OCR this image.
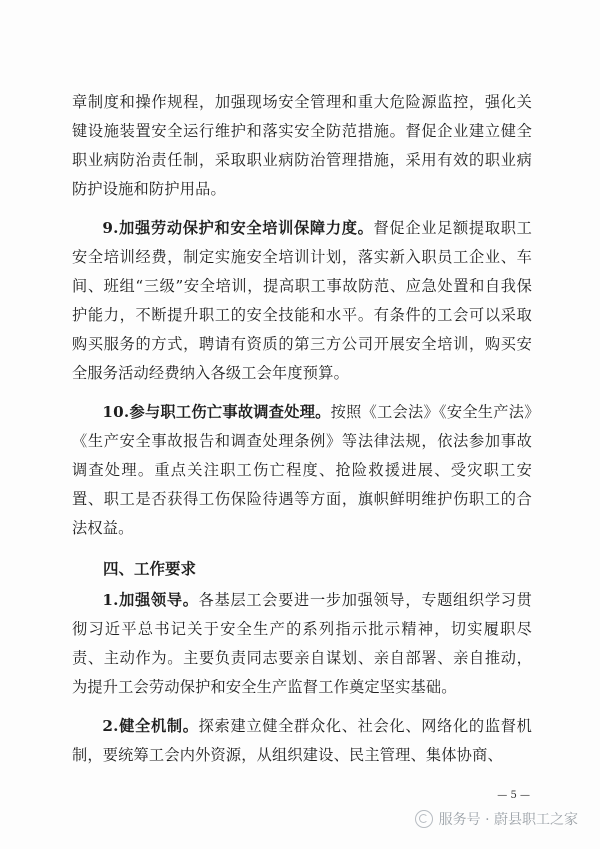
章制度和操作规程，加强现场安全管理和重大危险源监控，强化关键设施装置安全运行维护和落实安全防范措施。督促企业建立健全职业病防治责任制，采取职业病防治管理措施，采用有效的职业病防护设施和防护用品。

9.加强劳动保护和安全培训保障力度。督促企业足额提取职工安全培训经费，制定实施安全培训计划，落实新入职员工企业、车间、班组“三级”安全培训，提高职工事故防范、应急处置和自我保护能力，不断提升职工的安全技能和水平。有条件的工会可以采取购买服务的方式，聘请有资质的第三方公司开展安全培训，购买安全服务活动经费纳入各级工会年度预算。

10.参与职工伤亡事故调查处理。按照《工会法》《安全生产法》《生产安全事故报告和调查处理条例》等法律法规，依法参加事故调查处理。重点关注职工伤亡程度、抢险救援进展、受灾职工安置、职工是否获得工伤保险待遇等方面，旗帜鲜明维护伤职工的合法权益。

四、工作要求

1.加强领导。各基层工会要进一步加强领导，专题组织学习贯彻习近平总书记关于安全生产的系列指示批示精神，切实履职尽责、主动作为。主要负责同志要亲自谋划、亲自部署、亲自推动，为提升工会劳动保护和安全生产监督工作奠定坚实基础。

2.健全机制。探索建立健全群众化、社会化、网络化的监督机制，要统筹工会内外资源，从组织建设、民主管理、集体协商、

— 5 —
服务号 · 蔚县职工之家
